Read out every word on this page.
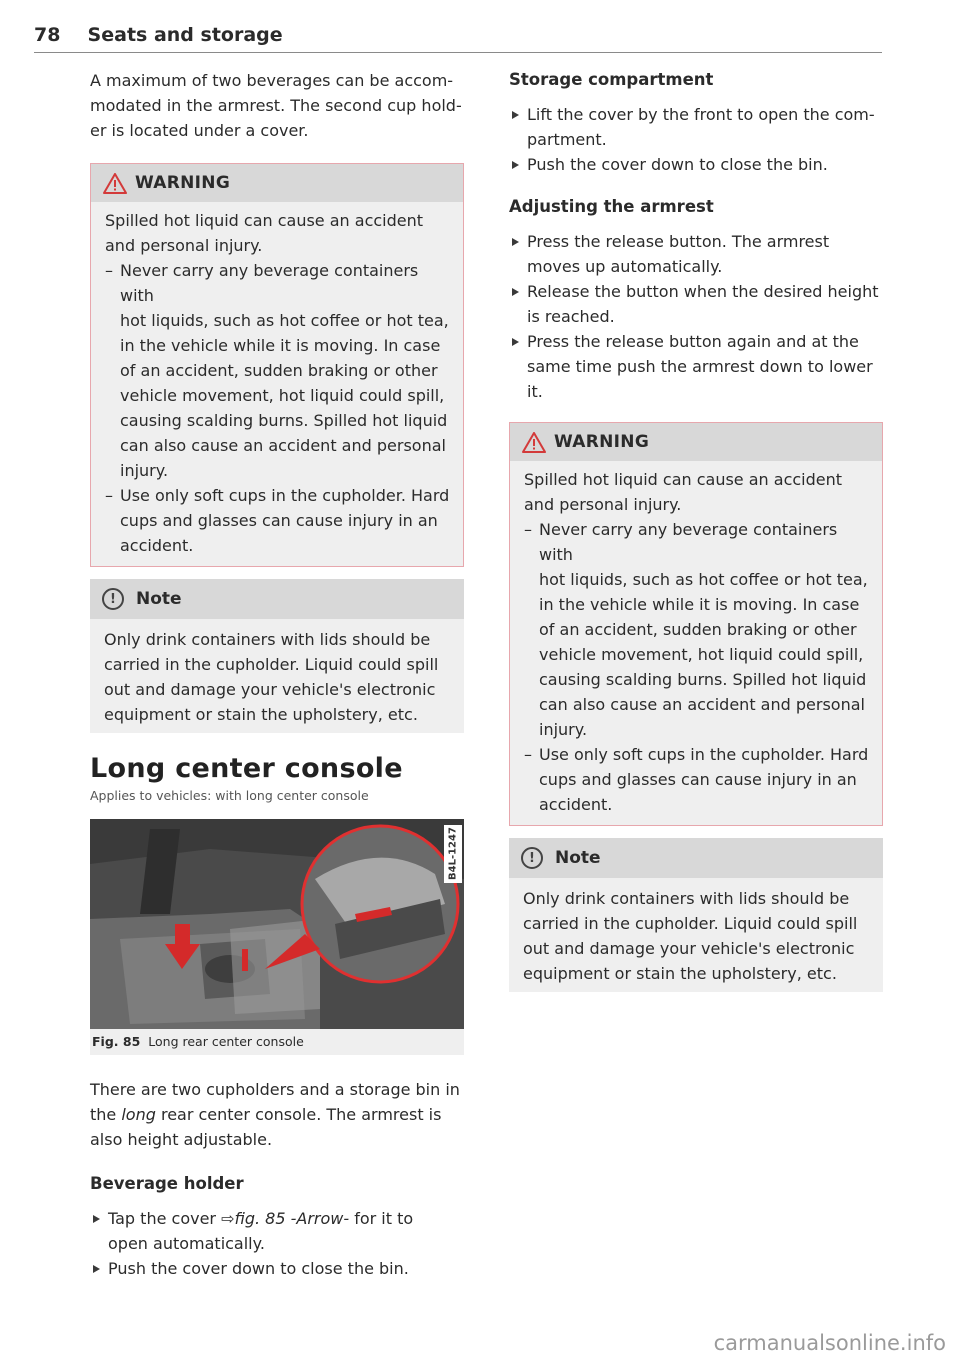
78 Seats and storage

A maximum of two beverages can be accom-

modated in the armrest. The second cup hold-

er is located under a cover.

WARNING

Spilled hot liquid can cause an accident

and personal injury.

– Never carry any beverage containers with
hot liquids, such as hot coffee or hot tea,
in the vehicle while it is moving. In case
of an accident, sudden braking or other
vehicle movement, hot liquid could spill,
causing scalding burns. Spilled hot liquid
can also cause an accident and personal
injury.
– Use only soft cups in the cupholder. Hard
cups and glasses can cause injury in an
accident.
!	Note

Only drink containers with lids should be

carried in the cupholder. Liquid could spill

out and damage your vehicle's electronic

equipment or stain the upholstery, etc.

Long center console
Applies to vehicles: with long center console
B4L-1247
Fig. 85 Long rear center console

There are two cupholders and a storage bin in

the long rear center console. The armrest is

also height adjustable.

Beverage holder
Tap the cover ⇨fig. 85 -Arrow- for it to
open automatically.
Push the cover down to close the bin.
Storage compartment
Lift the cover by the front to open the com-
partment.
Push the cover down to close the bin.
Adjusting the armrest
Press the release button. The armrest
moves up automatically.
Release the button when the desired height
is reached.
Press the release button again and at the
same time push the armrest down to lower
it.
WARNING

Spilled hot liquid can cause an accident

and personal injury.

– Never carry any beverage containers with
hot liquids, such as hot coffee or hot tea,
in the vehicle while it is moving. In case
of an accident, sudden braking or other
vehicle movement, hot liquid could spill,
causing scalding burns. Spilled hot liquid
can also cause an accident and personal
injury.
– Use only soft cups in the cupholder. Hard
cups and glasses can cause injury in an
accident.
!	Note

Only drink containers with lids should be

carried in the cupholder. Liquid could spill

out and damage your vehicle's electronic

equipment or stain the upholstery, etc.

carmanualsonline.info
